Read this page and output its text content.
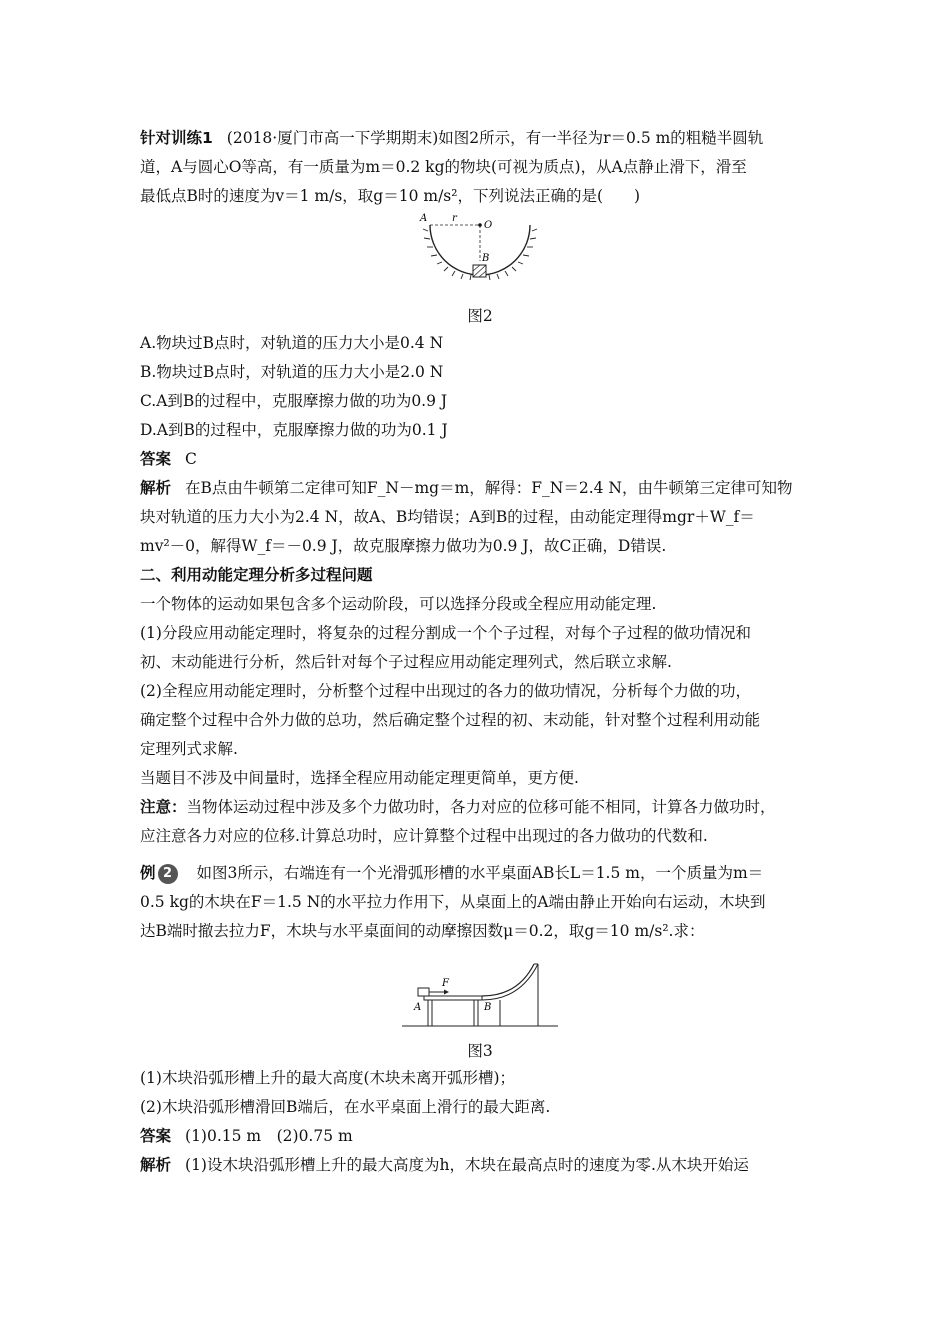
针对训练1 (2018·厦门市高一下学期期末)如图2所示，有一半径为r＝0.5 m的粗糙半圆轨
道，A与圆心O等高，有一质量为m＝0.2 kg的物块(可视为质点)，从A点静止滑下，滑至
最低点B时的速度为v＝1 m/s，取g＝10 m/s²，下列说法正确的是(　　)
A r
O
B
图2
A.物块过B点时，对轨道的压力大小是0.4 N
B.物块过B点时，对轨道的压力大小是2.0 N
C.A到B的过程中，克服摩擦力做的功为0.9 J
D.A到B的过程中，克服摩擦力做的功为0.1 J
答案 C
解析 在B点由牛顿第二定律可知F_N－mg＝m，解得：F_N＝2.4 N，由牛顿第三定律可知物
块对轨道的压力大小为2.4 N，故A、B均错误；A到B的过程，由动能定理得mgr＋W_f＝
mv²－0，解得W_f＝－0.9 J，故克服摩擦力做功为0.9 J，故C正确，D错误.
二、利用动能定理分析多过程问题
一个物体的运动如果包含多个运动阶段，可以选择分段或全程应用动能定理.
(1)分段应用动能定理时，将复杂的过程分割成一个个子过程，对每个子过程的做功情况和
初、末动能进行分析，然后针对每个子过程应用动能定理列式，然后联立求解.
(2)全程应用动能定理时，分析整个过程中出现过的各力的做功情况，分析每个力做的功，
确定整个过程中合外力做的总功，然后确定整个过程的初、末动能，针对整个过程利用动能
定理列式求解.
当题目不涉及中间量时，选择全程应用动能定理更简单，更方便.
注意：当物体运动过程中涉及多个力做功时，各力对应的位移可能不相同，计算各力做功时，
应注意各力对应的位移.计算总功时，应计算整个过程中出现过的各力做功的代数和.
例 2 如图3所示，右端连有一个光滑弧形槽的水平桌面AB长L＝1.5 m，一个质量为m＝
0.5 kg的木块在F＝1.5 N的水平拉力作用下，从桌面上的A端由静止开始向右运动，木块到
达B端时撤去拉力F，木块与水平桌面间的动摩擦因数μ＝0.2，取g＝10 m/s².求：
F
A	B
图3
(1)木块沿弧形槽上升的最大高度(木块未离开弧形槽)；
(2)木块沿弧形槽滑回B端后，在水平桌面上滑行的最大距离.
答案 (1)0.15 m　(2)0.75 m
解析 (1)设木块沿弧形槽上升的最大高度为h，木块在最高点时的速度为零.从木块开始运
